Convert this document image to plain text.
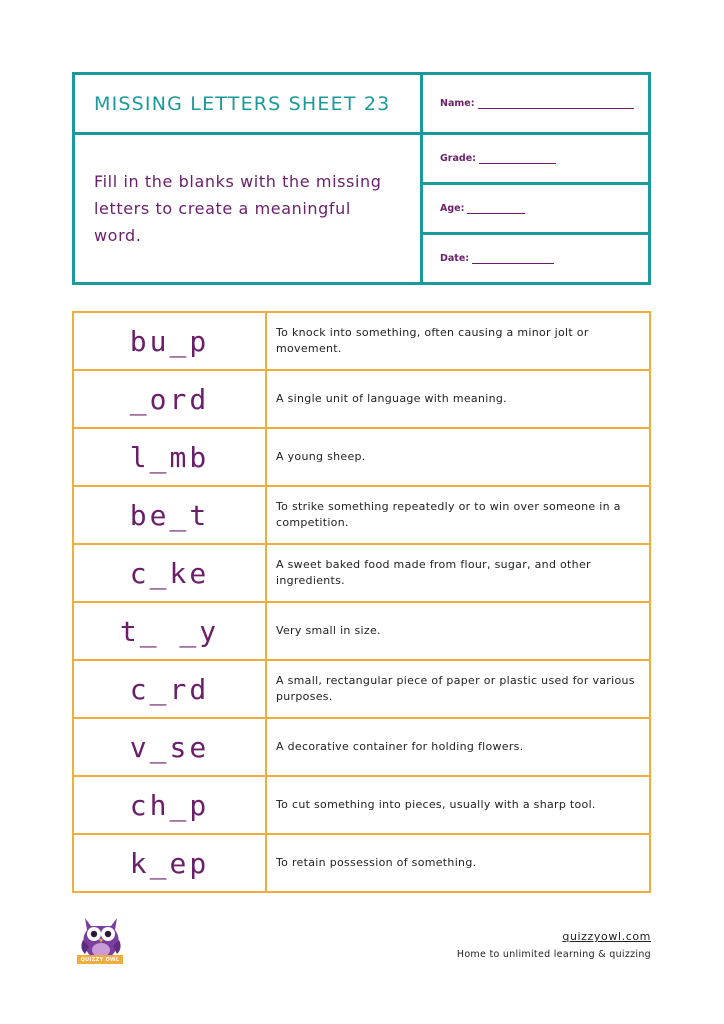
MISSING LETTERS SHEET 23
Fill in the blanks with the missing letters to create a meaningful word.
Name:
Grade:
Age:
Date:
bu_p	To knock into something, often causing a minor jolt or movement.
_ord	A single unit of language with meaning.
l_mb	A young sheep.
be_t	To strike something repeatedly or to win over someone in a competition.
c_ke	A sweet baked food made from flour, sugar, and other ingredients.
t_ _y	Very small in size.
c_rd	A small, rectangular piece of paper or plastic used for various purposes.
v_se	A decorative container for holding flowers.
ch_p	To cut something into pieces, usually with a sharp tool.
k_ep	To retain possession of something.
QUIZZY OWL
quizzyowl.com
Home to unlimited learning & quizzing
